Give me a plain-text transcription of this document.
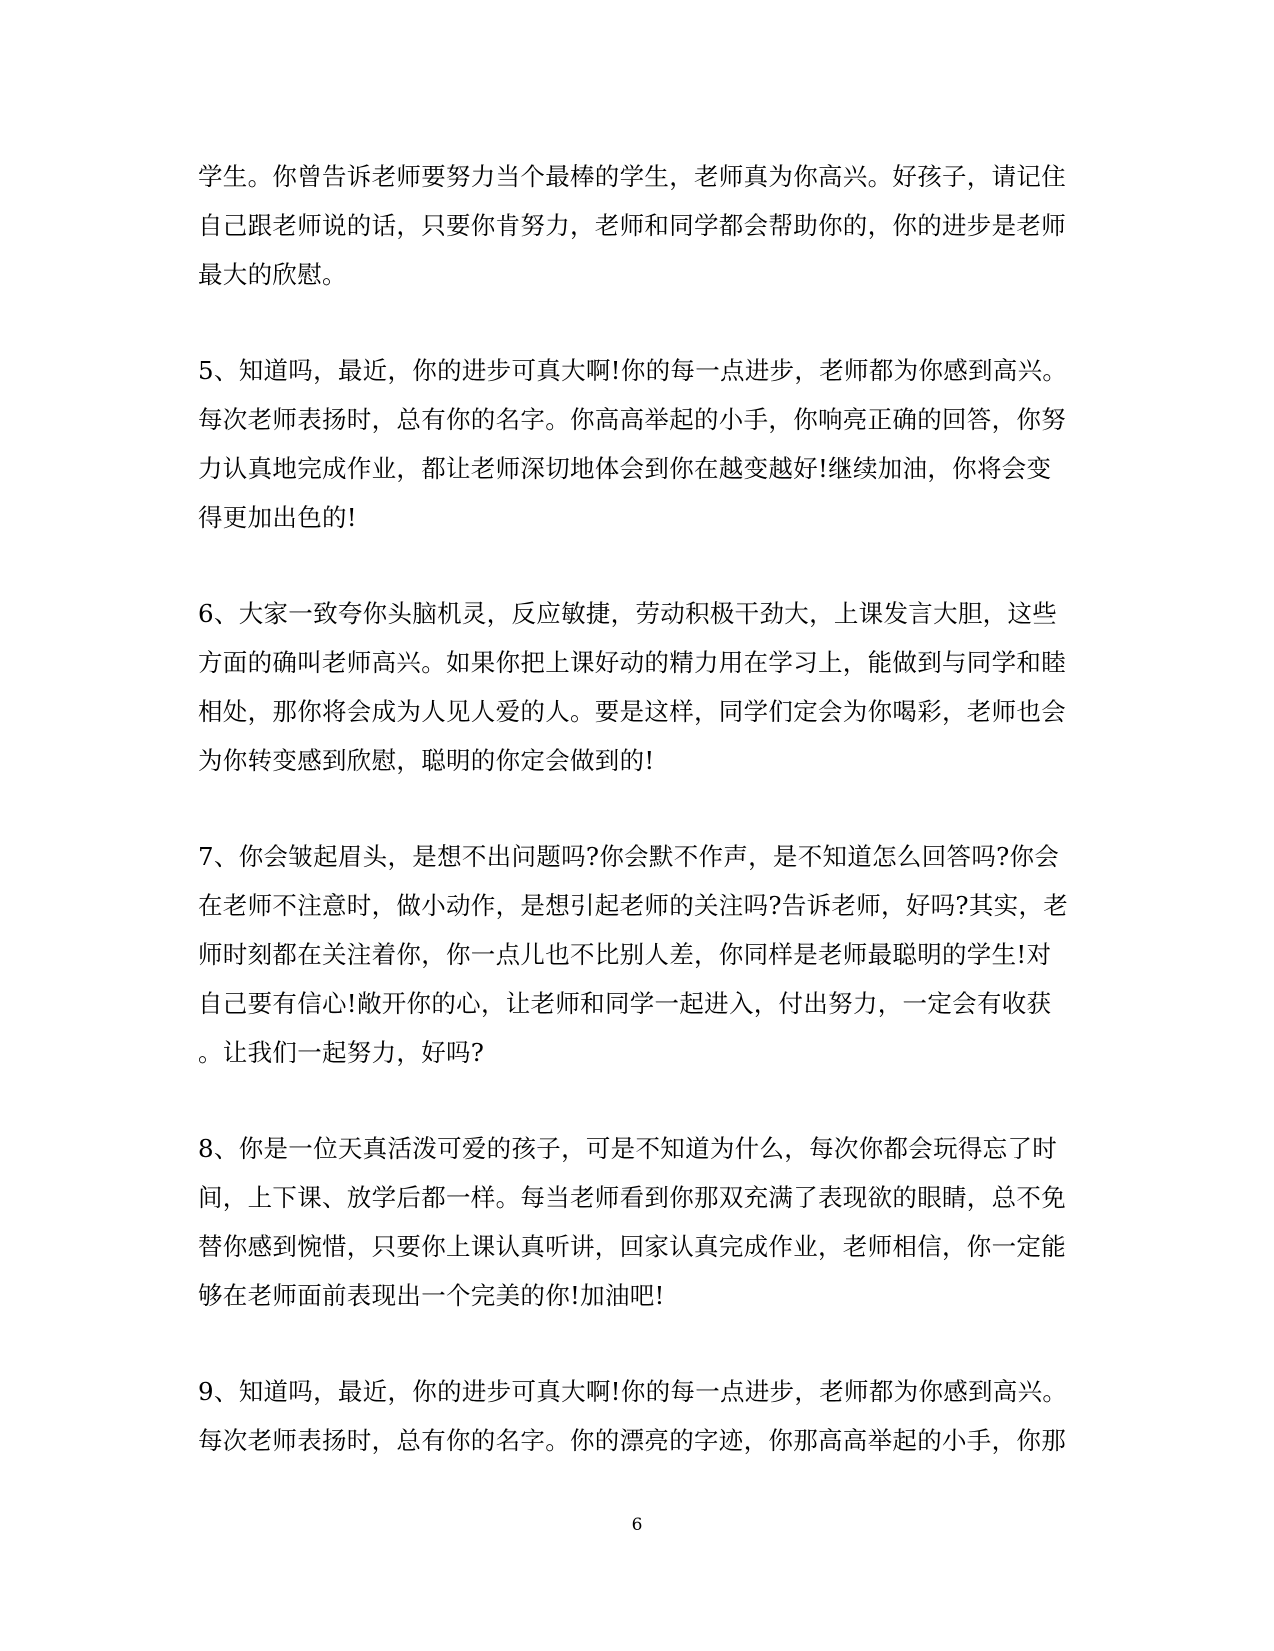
学生。你曾告诉老师要努力当个最棒的学生，老师真为你高兴。好孩子，请记住
自己跟老师说的话，只要你肯努力，老师和同学都会帮助你的，你的进步是老师
最大的欣慰。
5、知道吗，最近，你的进步可真大啊!你的每一点进步，老师都为你感到高兴。
每次老师表扬时，总有你的名字。你高高举起的小手，你响亮正确的回答，你努
力认真地完成作业，都让老师深切地体会到你在越变越好!继续加油，你将会变
得更加出色的!
6、大家一致夸你头脑机灵，反应敏捷，劳动积极干劲大，上课发言大胆，这些
方面的确叫老师高兴。如果你把上课好动的精力用在学习上，能做到与同学和睦
相处，那你将会成为人见人爱的人。要是这样，同学们定会为你喝彩，老师也会
为你转变感到欣慰，聪明的你定会做到的!
7、你会皱起眉头，是想不出问题吗?你会默不作声，是不知道怎么回答吗?你会
在老师不注意时，做小动作，是想引起老师的关注吗?告诉老师，好吗?其实，老
师时刻都在关注着你，你一点儿也不比别人差，你同样是老师最聪明的学生!对
自己要有信心!敞开你的心，让老师和同学一起进入，付出努力，一定会有收获
。让我们一起努力，好吗?
8、你是一位天真活泼可爱的孩子，可是不知道为什么，每次你都会玩得忘了时
间，上下课、放学后都一样。每当老师看到你那双充满了表现欲的眼睛，总不免
替你感到惋惜，只要你上课认真听讲，回家认真完成作业，老师相信，你一定能
够在老师面前表现出一个完美的你!加油吧!
9、知道吗，最近，你的进步可真大啊!你的每一点进步，老师都为你感到高兴。
每次老师表扬时，总有你的名字。你的漂亮的字迹，你那高高举起的小手，你那
6
